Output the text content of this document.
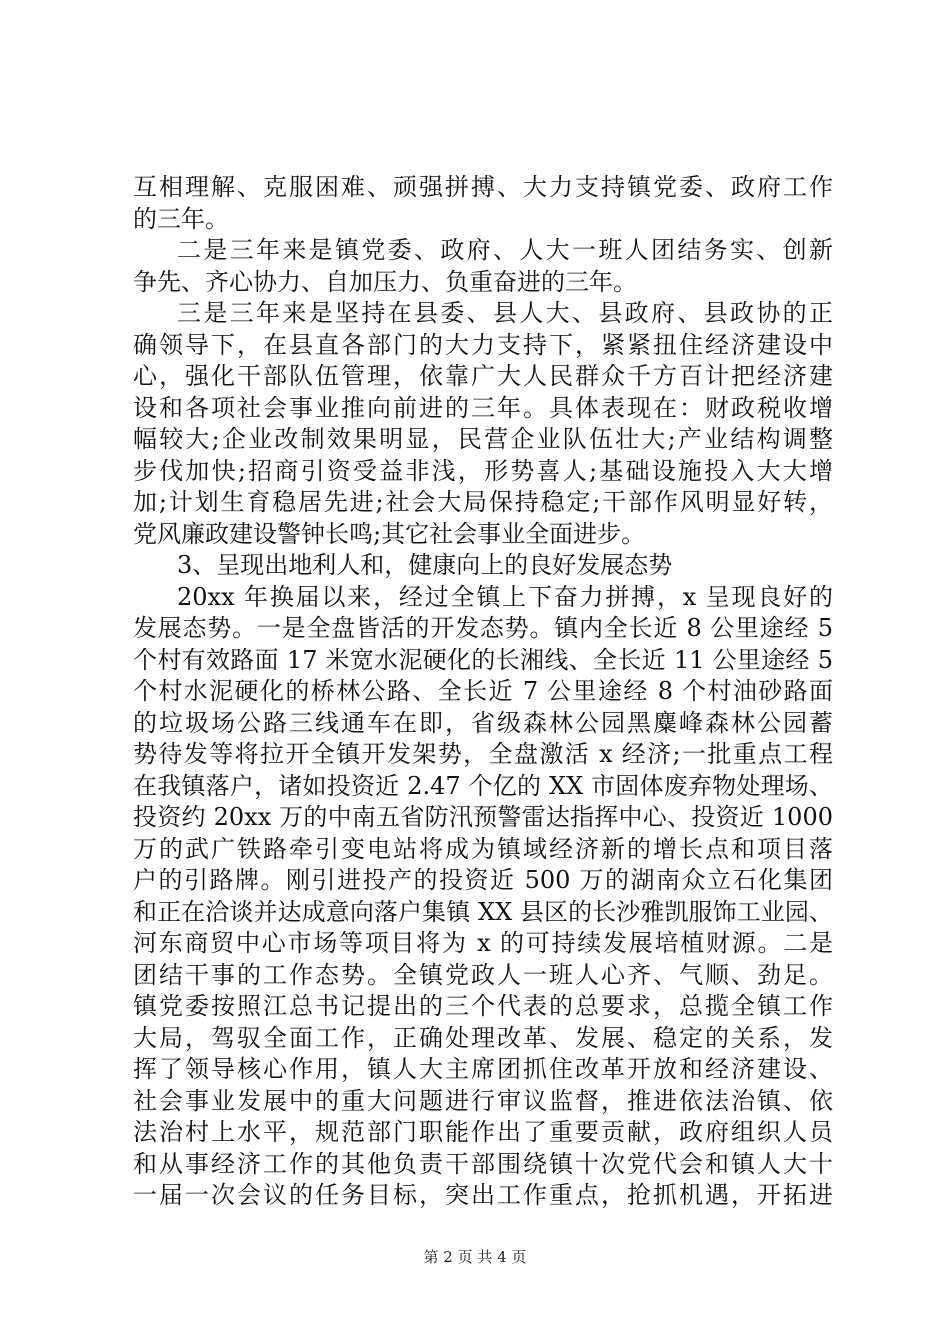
互相理解、克服困难、顽强拼搏、大力支持镇党委、政府工作
的三年。
二是三年来是镇党委、政府、人大一班人团结务实、创新
争先、齐心协力、自加压力、负重奋进的三年。
三是三年来是坚持在县委、县人大、县政府、县政协的正
确领导下，在县直各部门的大力支持下，紧紧扭住经济建设中
心，强化干部队伍管理，依靠广大人民群众千方百计把经济建
设和各项社会事业推向前进的三年。具体表现在：财政税收增
幅较大;企业改制效果明显，民营企业队伍壮大;产业结构调整
步伐加快;招商引资受益非浅，形势喜人;基础设施投入大大增
加;计划生育稳居先进;社会大局保持稳定;干部作风明显好转，
党风廉政建设警钟长鸣;其它社会事业全面进步。
3、呈现出地利人和，健康向上的良好发展态势
20xx 年换届以来，经过全镇上下奋力拼搏，x 呈现良好的
发展态势。一是全盘皆活的开发态势。镇内全长近 8 公里途经 5
个村有效路面 17 米宽水泥硬化的长湘线、全长近 11 公里途经 5
个村水泥硬化的桥林公路、全长近 7 公里途经 8 个村油砂路面
的垃圾场公路三线通车在即，省级森林公园黑麋峰森林公园蓄
势待发等将拉开全镇开发架势，全盘激活 x 经济;一批重点工程
在我镇落户，诸如投资近 2.47 个亿的 XX 市固体废弃物处理场、
投资约 20xx 万的中南五省防汛预警雷达指挥中心、投资近 1000
万的武广铁路牵引变电站将成为镇域经济新的增长点和项目落
户的引路牌。刚引进投产的投资近 500 万的湖南众立石化集团
和正在洽谈并达成意向落户集镇 XX 县区的长沙雅凯服饰工业园、
河东商贸中心市场等项目将为 x 的可持续发展培植财源。二是
团结干事的工作态势。全镇党政人一班人心齐、气顺、劲足。
镇党委按照江总书记提出的三个代表的总要求，总揽全镇工作
大局，驾驭全面工作，正确处理改革、发展、稳定的关系，发
挥了领导核心作用，镇人大主席团抓住改革开放和经济建设、
社会事业发展中的重大问题进行审议监督，推进依法治镇、依
法治村上水平，规范部门职能作出了重要贡献，政府组织人员
和从事经济工作的其他负责干部围绕镇十次党代会和镇人大十
一届一次会议的任务目标，突出工作重点，抢抓机遇，开拓进
第 2 页 共 4 页
